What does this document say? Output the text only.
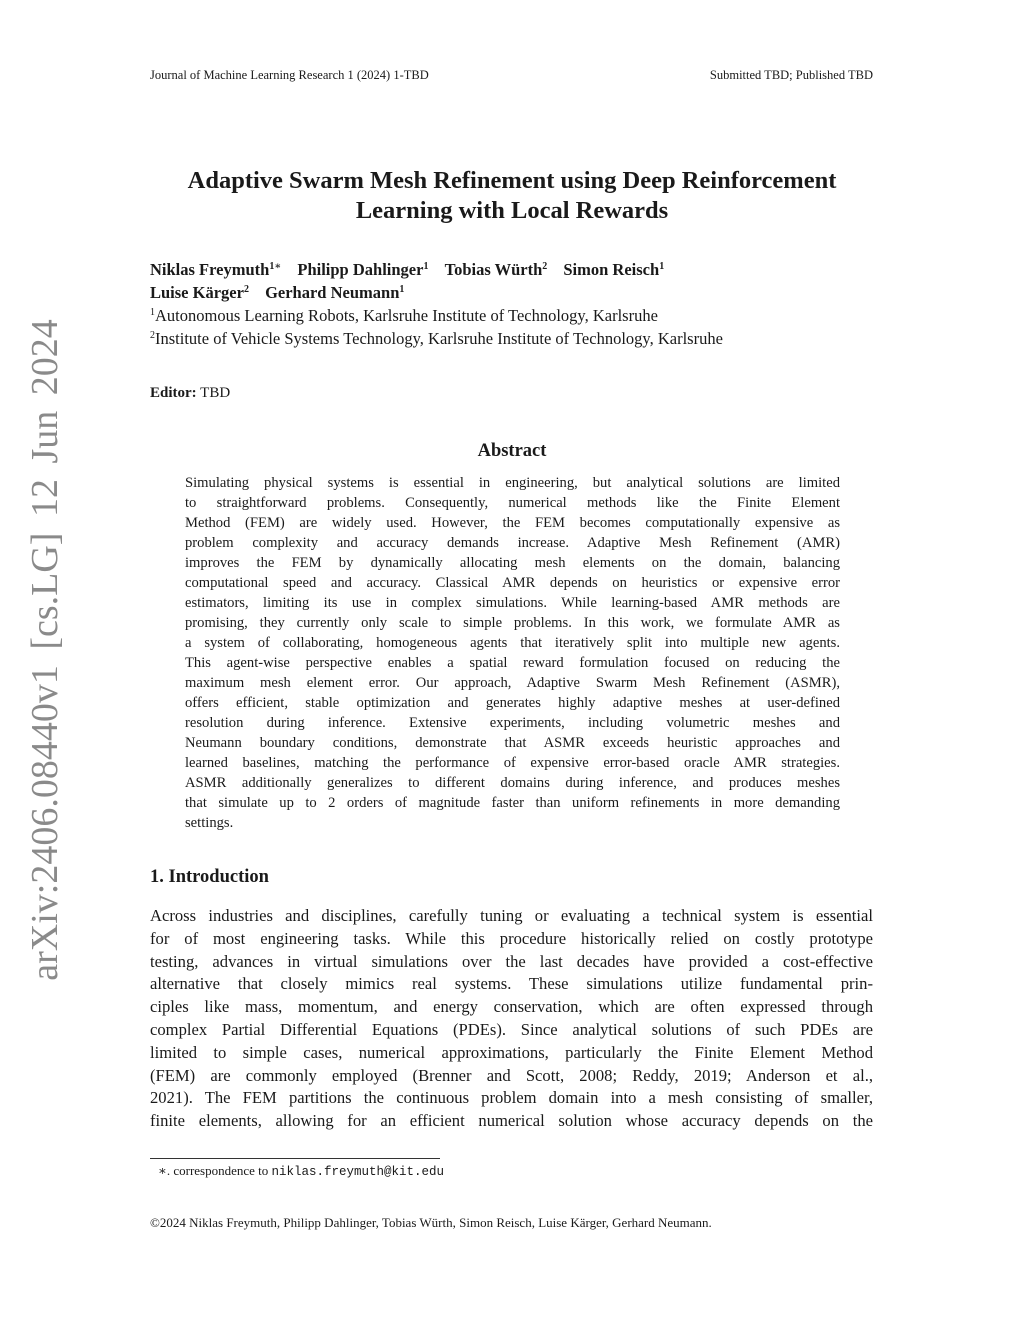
Journal of Machine Learning Research 1 (2024) 1-TBD	Submitted TBD; Published TBD
arXiv:2406.08440v1 [cs.LG] 12 Jun 2024
Adaptive Swarm Mesh Refinement using Deep Reinforcement
Learning with Local Rewards
Niklas Freymuth$^{1∗}$ Philipp Dahlinger$^1$ Tobias Würth$^2$ Simon Reisch$^1$
Luise Kärger$^2$ Gerhard Neumann$^1$
$^1$Autonomous Learning Robots, Karlsruhe Institute of Technology, Karlsruhe
$^2$Institute of Vehicle Systems Technology, Karlsruhe Institute of Technology, Karlsruhe
Editor: TBD
Abstract
Simulating physical systems is essential in engineering, but analytical solutions are limited
to straightforward problems. Consequently, numerical methods like the Finite Element
Method (FEM) are widely used. However, the FEM becomes computationally expensive as
problem complexity and accuracy demands increase. Adaptive Mesh Refinement (AMR)
improves the FEM by dynamically allocating mesh elements on the domain, balancing
computational speed and accuracy. Classical AMR depends on heuristics or expensive error
estimators, limiting its use in complex simulations. While learning-based AMR methods are
promising, they currently only scale to simple problems. In this work, we formulate AMR as
a system of collaborating, homogeneous agents that iteratively split into multiple new agents.
This agent-wise perspective enables a spatial reward formulation focused on reducing the
maximum mesh element error. Our approach, Adaptive Swarm Mesh Refinement (ASMR),
offers efficient, stable optimization and generates highly adaptive meshes at user-defined
resolution during inference. Extensive experiments, including volumetric meshes and
Neumann boundary conditions, demonstrate that ASMR exceeds heuristic approaches and
learned baselines, matching the performance of expensive error-based oracle AMR strategies.
ASMR additionally generalizes to different domains during inference, and produces meshes
that simulate up to 2 orders of magnitude faster than uniform refinements in more demanding
settings.
1. Introduction
Across industries and disciplines, carefully tuning or evaluating a technical system is essential
for of most engineering tasks. While this procedure historically relied on costly prototype
testing, advances in virtual simulations over the last decades have provided a cost-effective
alternative that closely mimics real systems. These simulations utilize fundamental prin-
ciples like mass, momentum, and energy conservation, which are often expressed through
complex Partial Differential Equations (PDEs). Since analytical solutions of such PDEs are
limited to simple cases, numerical approximations, particularly the Finite Element Method
(FEM) are commonly employed (Brenner and Scott, 2008; Reddy, 2019; Anderson et al.,
2021). The FEM partitions the continuous problem domain into a mesh consisting of smaller,
finite elements, allowing for an efficient numerical solution whose accuracy depends on the
∗. correspondence to niklas.freymuth@kit.edu
©2024 Niklas Freymuth, Philipp Dahlinger, Tobias Würth, Simon Reisch, Luise Kärger, Gerhard Neumann.
